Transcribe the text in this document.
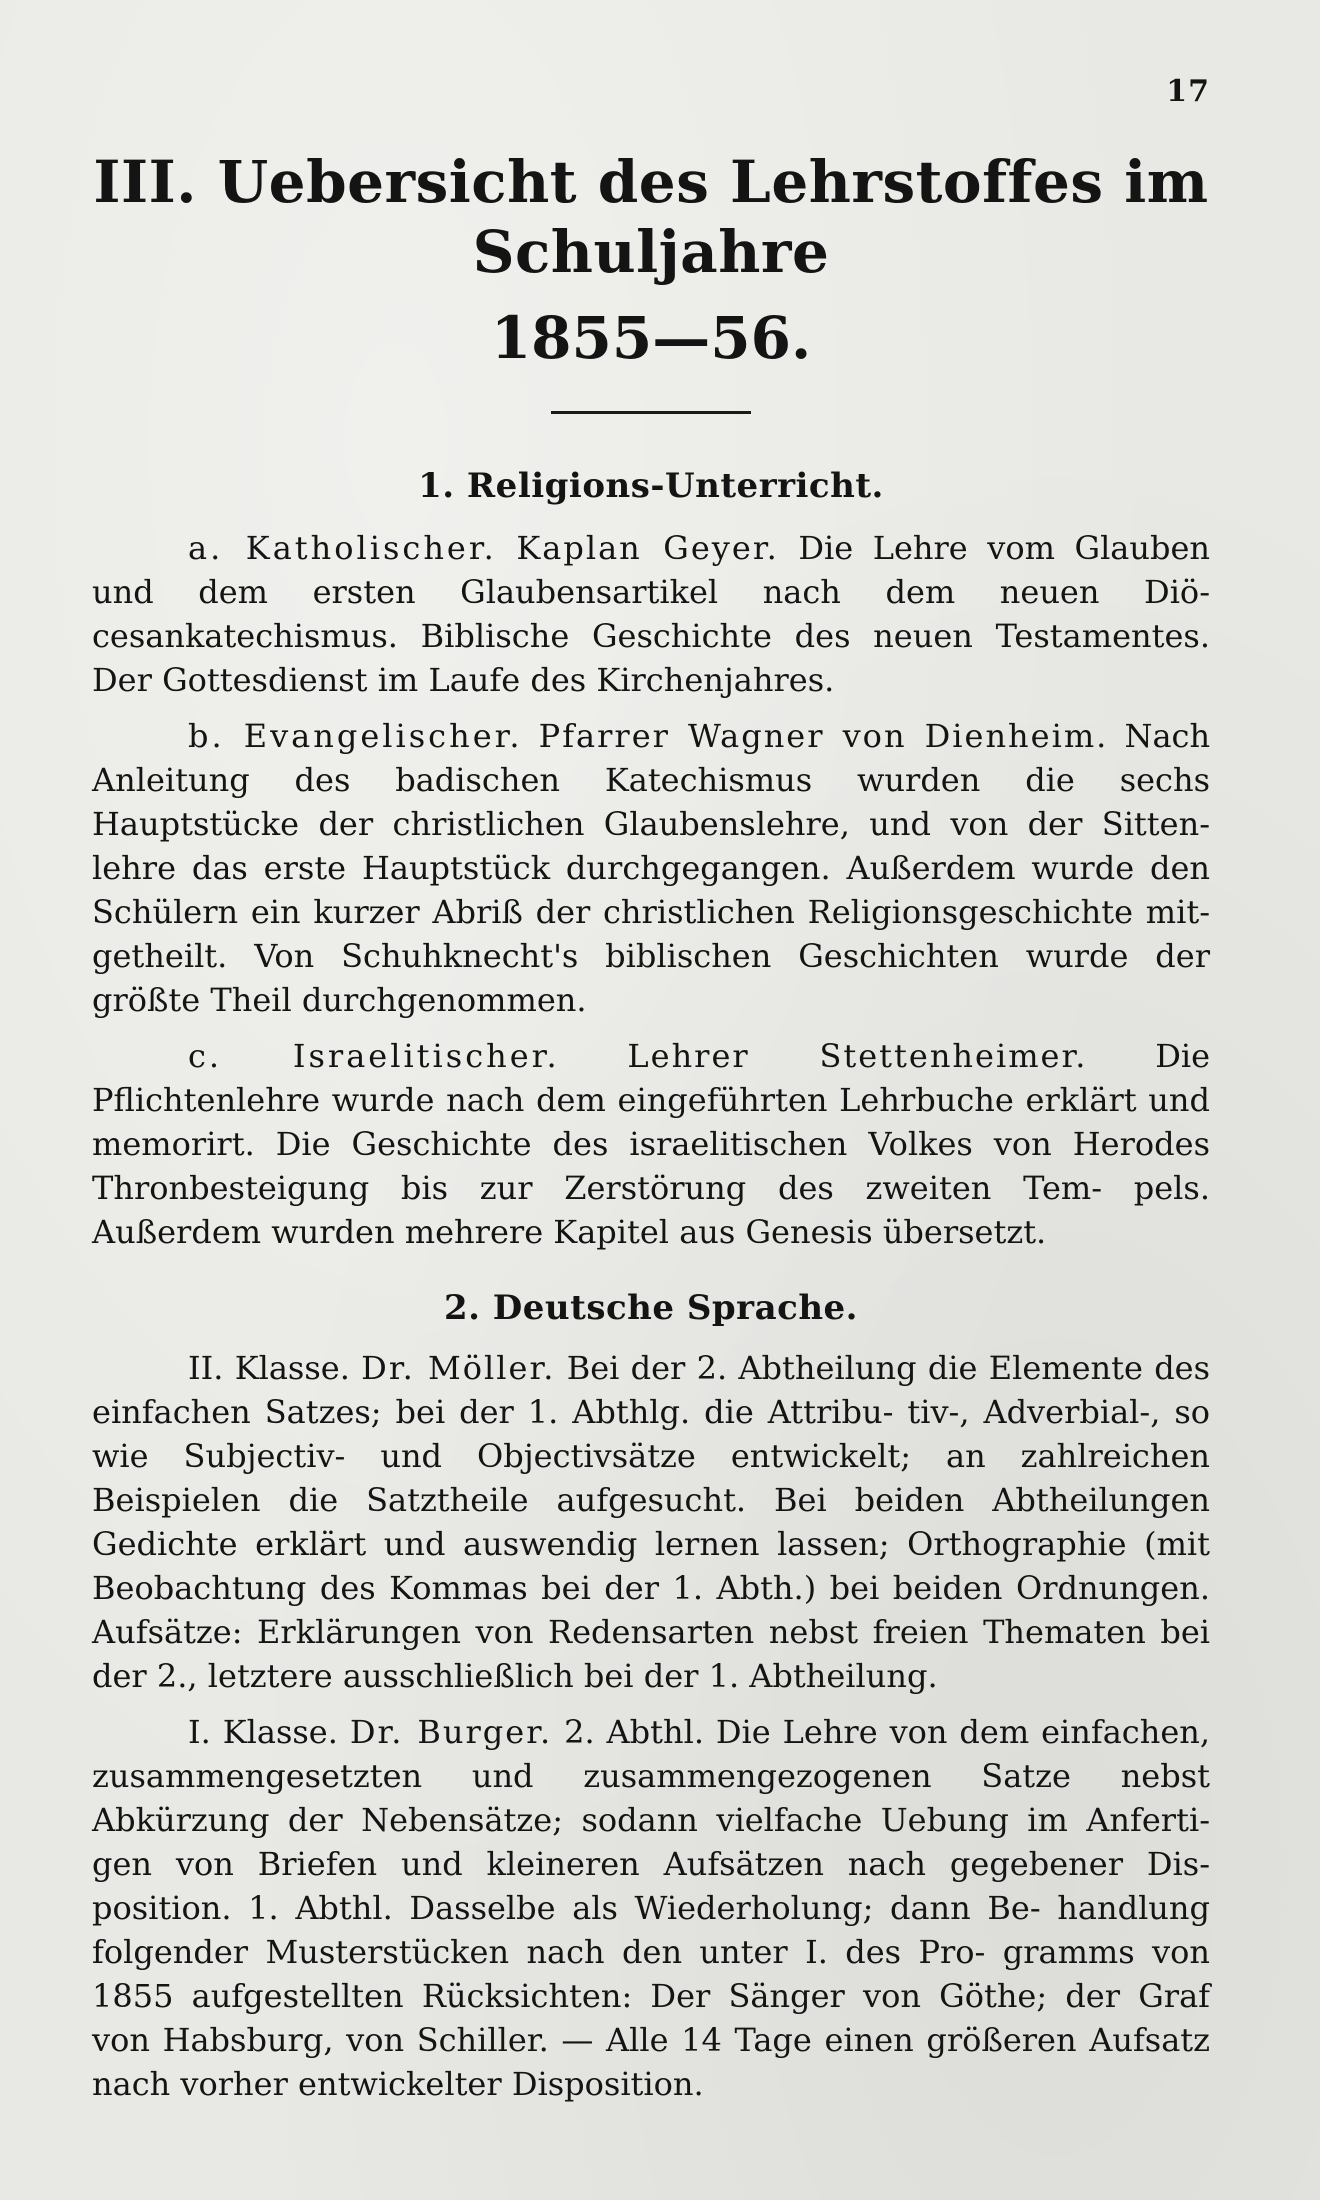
17
III. Uebersicht des Lehrstoffes im Schuljahre
1855—56.
1. Religions-Unterricht.

a. Katholischer. Kaplan Geyer. Die Lehre vom Glauben und dem ersten Glaubensartikel nach dem neuen Diö- cesankatechismus. Biblische Geschichte des neuen Testamentes. Der Gottesdienst im Laufe des Kirchenjahres.

b. Evangelischer. Pfarrer Wagner von Dienheim. Nach Anleitung des badischen Katechismus wurden die sechs Hauptstücke der christlichen Glaubenslehre, und von der Sitten- lehre das erste Hauptstück durchgegangen. Außerdem wurde den Schülern ein kurzer Abriß der christlichen Religionsgeschichte mit- getheilt. Von Schuhknecht's biblischen Geschichten wurde der größte Theil durchgenommen.

c. Israelitischer. Lehrer Stettenheimer. Die Pflichtenlehre wurde nach dem eingeführten Lehrbuche erklärt und memorirt. Die Geschichte des israelitischen Volkes von Herodes Thronbesteigung bis zur Zerstörung des zweiten Tem- pels. Außerdem wurden mehrere Kapitel aus Genesis übersetzt.

2. Deutsche Sprache.

II. Klasse. Dr. Möller. Bei der 2. Abtheilung die Elemente des einfachen Satzes; bei der 1. Abthlg. die Attribu- tiv-, Adverbial-, so wie Subjectiv- und Objectivsätze entwickelt; an zahlreichen Beispielen die Satztheile aufgesucht. Bei beiden Abtheilungen Gedichte erklärt und auswendig lernen lassen; Orthographie (mit Beobachtung des Kommas bei der 1. Abth.) bei beiden Ordnungen. Aufsätze: Erklärungen von Redensarten nebst freien Thematen bei der 2., letztere ausschließlich bei der 1. Abtheilung.

I. Klasse. Dr. Burger. 2. Abthl. Die Lehre von dem einfachen, zusammengesetzten und zusammengezogenen Satze nebst Abkürzung der Nebensätze; sodann vielfache Uebung im Anferti- gen von Briefen und kleineren Aufsätzen nach gegebener Dis- position. 1. Abthl. Dasselbe als Wiederholung; dann Be- handlung folgender Musterstücken nach den unter I. des Pro- gramms von 1855 aufgestellten Rücksichten: Der Sänger von Göthe; der Graf von Habsburg, von Schiller. — Alle 14 Tage einen größeren Aufsatz nach vorher entwickelter Disposition.
